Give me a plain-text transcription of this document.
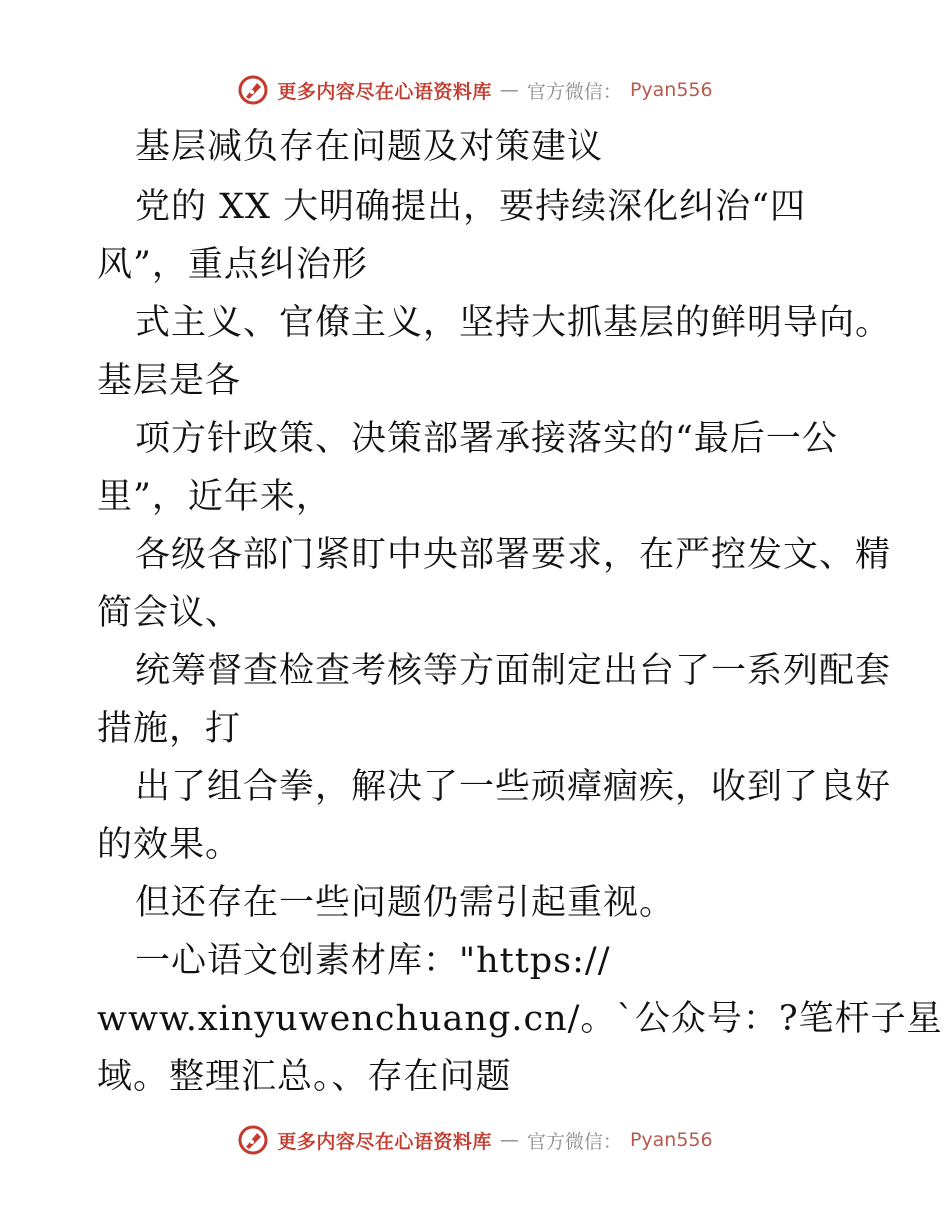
更多内容尽在心语资料库 — 官方微信： Pyan556
基层减负存在问题及对策建议
党的 XX 大明确提出，要持续深化纠治“四
风”，重点纠治形
式主义、官僚主义，坚持大抓基层的鲜明导向。
基层是各
项方针政策、决策部署承接落实的“最后一公
里”，近年来，
各级各部门紧盯中央部署要求，在严控发文、精
简会议、
统筹督查检查考核等方面制定出台了一系列配套
措施，打
出了组合拳，解决了一些顽瘴痼疾，收到了良好
的效果。
但还存在一些问题仍需引起重视。
一心语文创素材库："https://
www.xinyuwenchuang.cn/。`公众号：?笔杆子星
域。整理汇总。、存在问题
更多内容尽在心语资料库 — 官方微信： Pyan556
